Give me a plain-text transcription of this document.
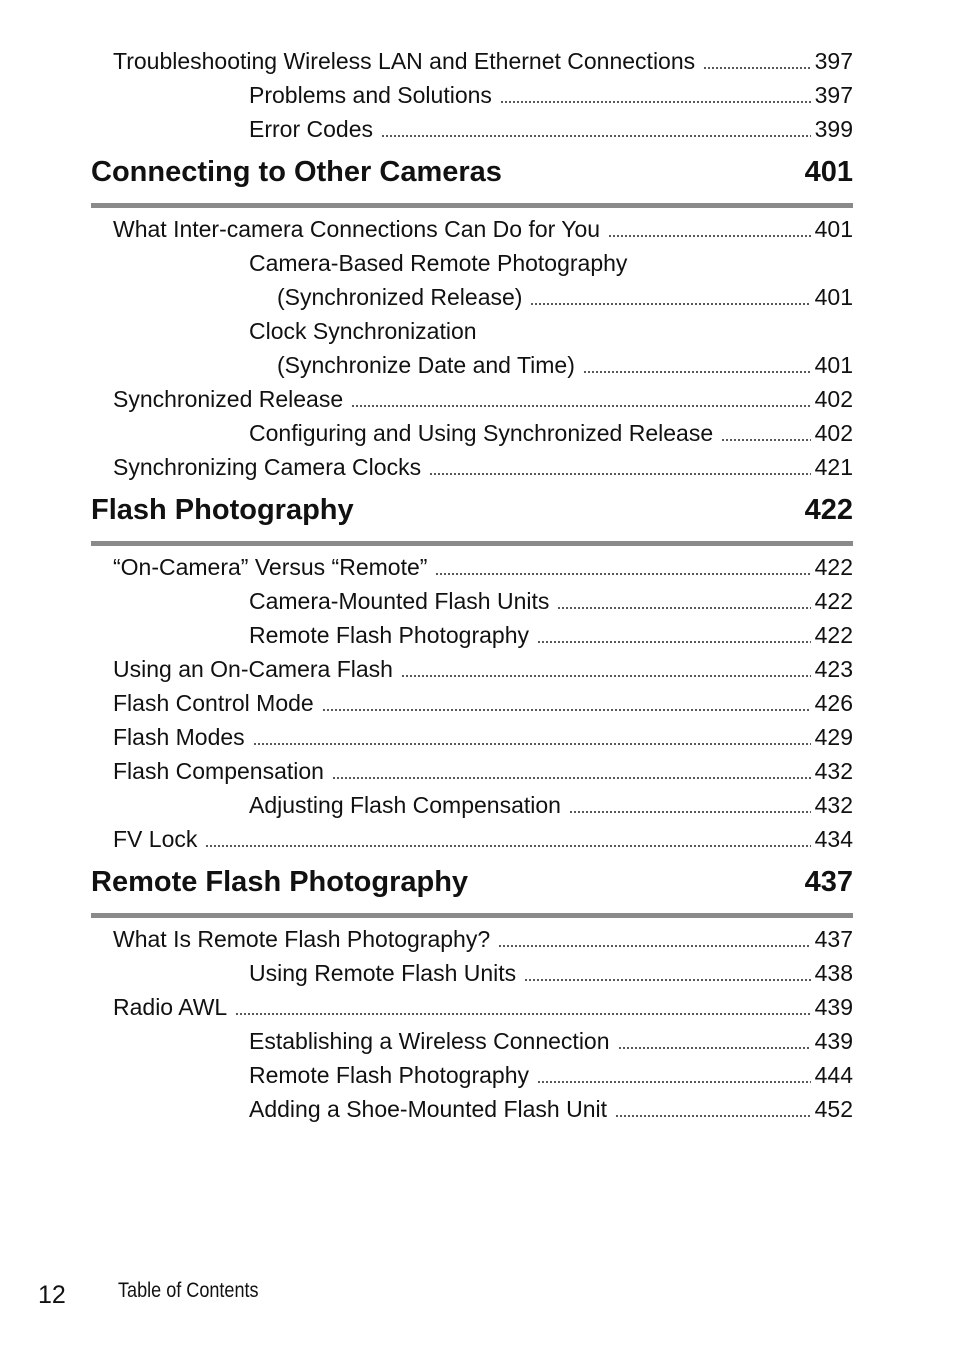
Troubleshooting Wireless LAN and Ethernet Connections	397
Problems and Solutions	397
Error Codes	399
Connecting to Other Cameras	401
What Inter-camera Connections Can Do for You	401
Camera-Based Remote Photography
(Synchronized Release)	401
Clock Synchronization
(Synchronize Date and Time)	401
Synchronized Release	402
Configuring and Using Synchronized Release	402
Synchronizing Camera Clocks	421
Flash Photography	422
“On-Camera” Versus “Remote”	422
Camera-Mounted Flash Units	422
Remote Flash Photography	422
Using an On-Camera Flash	423
Flash Control Mode	426
Flash Modes	429
Flash Compensation	432
Adjusting Flash Compensation	432
FV Lock	434
Remote Flash Photography	437
What Is Remote Flash Photography?	437
Using Remote Flash Units	438
Radio AWL	439
Establishing a Wireless Connection	439
Remote Flash Photography	444
Adding a Shoe-Mounted Flash Unit	452
12 Table of Contents
